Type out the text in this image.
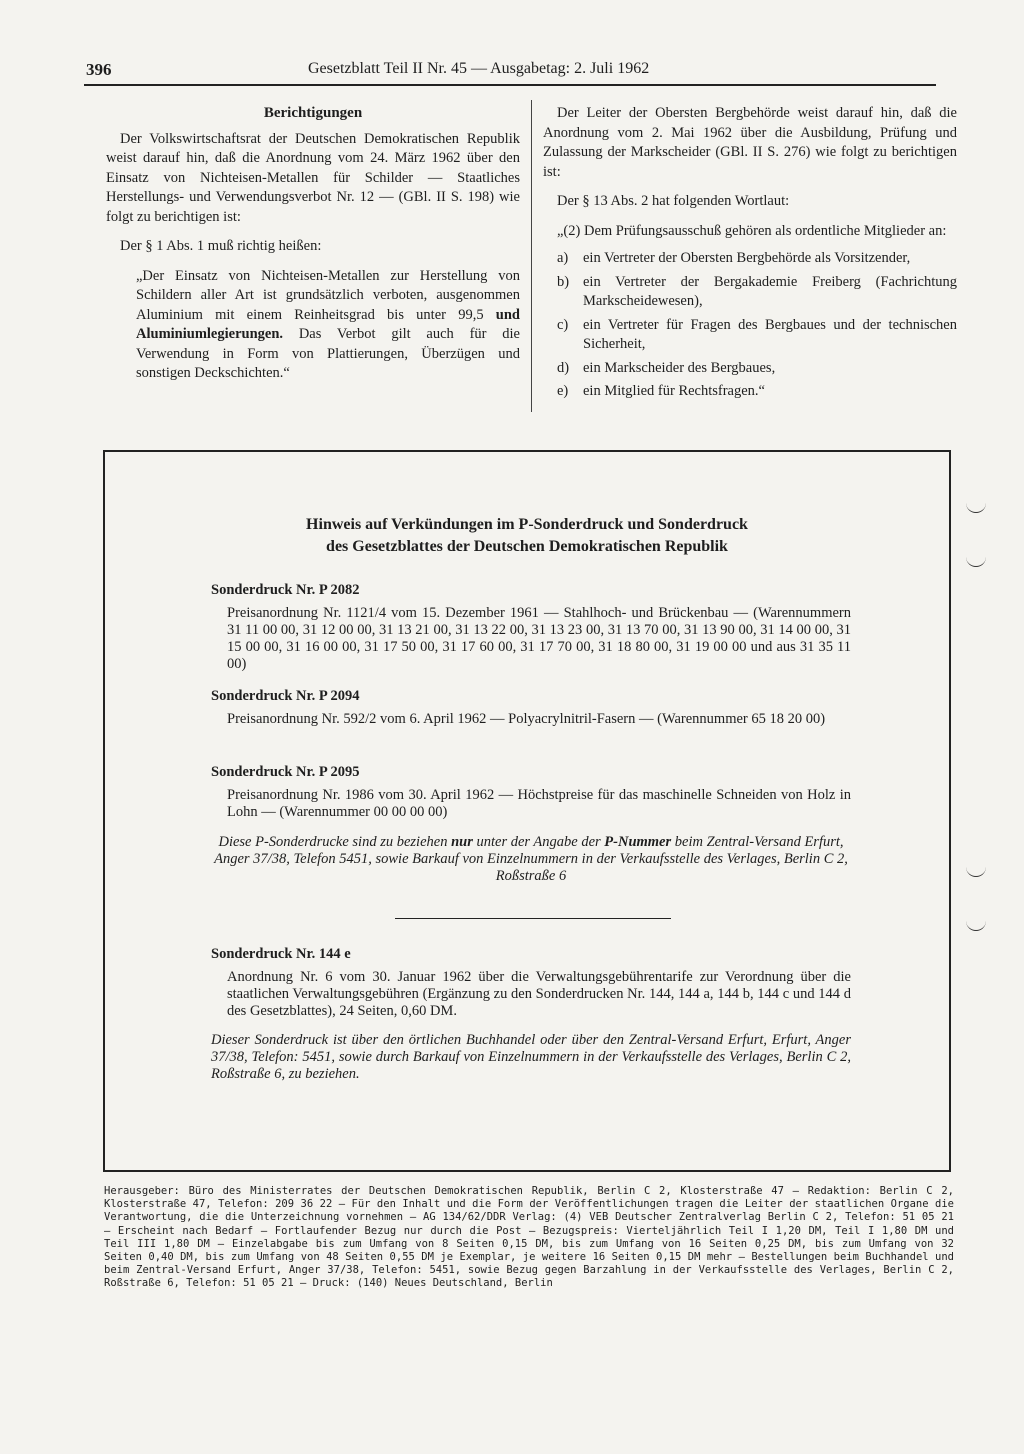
396	Gesetzblatt Teil II Nr. 45 — Ausgabetag: 2. Juli 1962
Berichtigungen

Der Volkswirtschaftsrat der Deutschen Demokratischen Republik weist darauf hin, daß die Anordnung vom 24. März 1962 über den Einsatz von Nichteisen-Metallen für Schilder — Staatliches Herstellungs- und Verwendungsverbot Nr. 12 — (GBl. II S. 198) wie folgt zu berichtigen ist:

Der § 1 Abs. 1 muß richtig heißen:

„Der Einsatz von Nichteisen-Metallen zur Herstellung von Schildern aller Art ist grundsätzlich verboten, ausgenommen Aluminium mit einem Reinheitsgrad bis unter 99,5 und Aluminiumlegierungen. Das Verbot gilt auch für die Verwendung in Form von Plattierungen, Überzügen und sonstigen Deckschichten.“

Der Leiter der Obersten Bergbehörde weist darauf hin, daß die Anordnung vom 2. Mai 1962 über die Ausbildung, Prüfung und Zulassung der Markscheider (GBl. II S. 276) wie folgt zu berichtigen ist:

Der § 13 Abs. 2 hat folgenden Wortlaut:

„(2) Dem Prüfungsausschuß gehören als ordentliche Mitglieder an:

a)	ein Vertreter der Obersten Bergbehörde als Vorsitzender,
b) ein Vertreter der Bergakademie Freiberg (Fachrichtung Markscheidewesen),
c)	ein Vertreter für Fragen des Bergbaues und der technischen Sicherheit,
d) ein Markscheider des Bergbaues,
e)	ein Mitglied für Rechtsfragen.“
Hinweis auf Verkündungen im P-Sonderdruck und Sonderdruck
des Gesetzblattes der Deutschen Demokratischen Republik
Sonderdruck Nr. P 2082

Preisanordnung Nr. 1121/4 vom 15. Dezember 1961 — Stahlhoch- und Brückenbau — (Warennummern 31 11 00 00, 31 12 00 00, 31 13 21 00, 31 13 22 00, 31 13 23 00, 31 13 70 00, 31 13 90 00, 31 14 00 00, 31 15 00 00, 31 16 00 00, 31 17 50 00, 31 17 60 00, 31 17 70 00, 31 18 80 00, 31 19 00 00 und aus 31 35 11 00)

Sonderdruck Nr. P 2094

Preisanordnung Nr. 592/2 vom 6. April 1962 — Polyacrylnitril-Fasern — (Warennummer 65 18 20 00)

Sonderdruck Nr. P 2095

Preisanordnung Nr. 1986 vom 30. April 1962 — Höchstpreise für das maschinelle Schneiden von Holz in Lohn — (Warennummer 00 00 00 00)

Diese P-Sonderdrucke sind zu beziehen nur unter der Angabe der P-Nummer beim Zentral-Versand Erfurt, Anger 37/38, Telefon 5451, sowie Barkauf von Einzelnummern in der Verkaufsstelle des Verlages, Berlin C 2, Roßstraße 6
Sonderdruck Nr. 144 e

Anordnung Nr. 6 vom 30. Januar 1962 über die Verwaltungsgebührentarife zur Verordnung über die staatlichen Verwaltungsgebühren (Ergänzung zu den Sonderdrucken Nr. 144, 144 a, 144 b, 144 c und 144 d des Gesetzblattes), 24 Seiten, 0,60 DM.

Dieser Sonderdruck ist über den örtlichen Buchhandel oder über den Zentral-Versand Erfurt, Erfurt, Anger 37/38, Telefon: 5451, sowie durch Barkauf von Einzelnummern in der Verkaufsstelle des Verlages, Berlin C 2, Roßstraße 6, zu beziehen.
Herausgeber: Büro des Ministerrates der Deutschen Demokratischen Republik, Berlin C 2, Klosterstraße 47 — Redaktion: Berlin C 2, Klosterstraße 47, Telefon: 209 36 22 — Für den Inhalt und die Form der Veröffentlichungen tragen die Leiter der staatlichen Organe die Verantwortung, die die Unterzeichnung vornehmen — AG 134/62/DDR Verlag: (4) VEB Deutscher Zentralverlag Berlin C 2, Telefon: 51 05 21 — Erscheint nach Bedarf — Fortlaufender Bezug nur durch die Post — Bezugspreis: Vierteljährlich Teil I 1,20 DM, Teil I 1,80 DM und Teil III 1,80 DM — Einzelabgabe bis zum Umfang von 8 Seiten 0,15 DM, bis zum Umfang von 16 Seiten 0,25 DM, bis zum Umfang von 32 Seiten 0,40 DM, bis zum Umfang von 48 Seiten 0,55 DM je Exemplar, je weitere 16 Seiten 0,15 DM mehr — Bestellungen beim Buchhandel und beim Zentral-Versand Erfurt, Anger 37/38, Telefon: 5451, sowie Bezug gegen Barzahlung in der Verkaufsstelle des Verlages, Berlin C 2, Roßstraße 6, Telefon: 51 05 21 — Druck: (140) Neues Deutschland, Berlin
